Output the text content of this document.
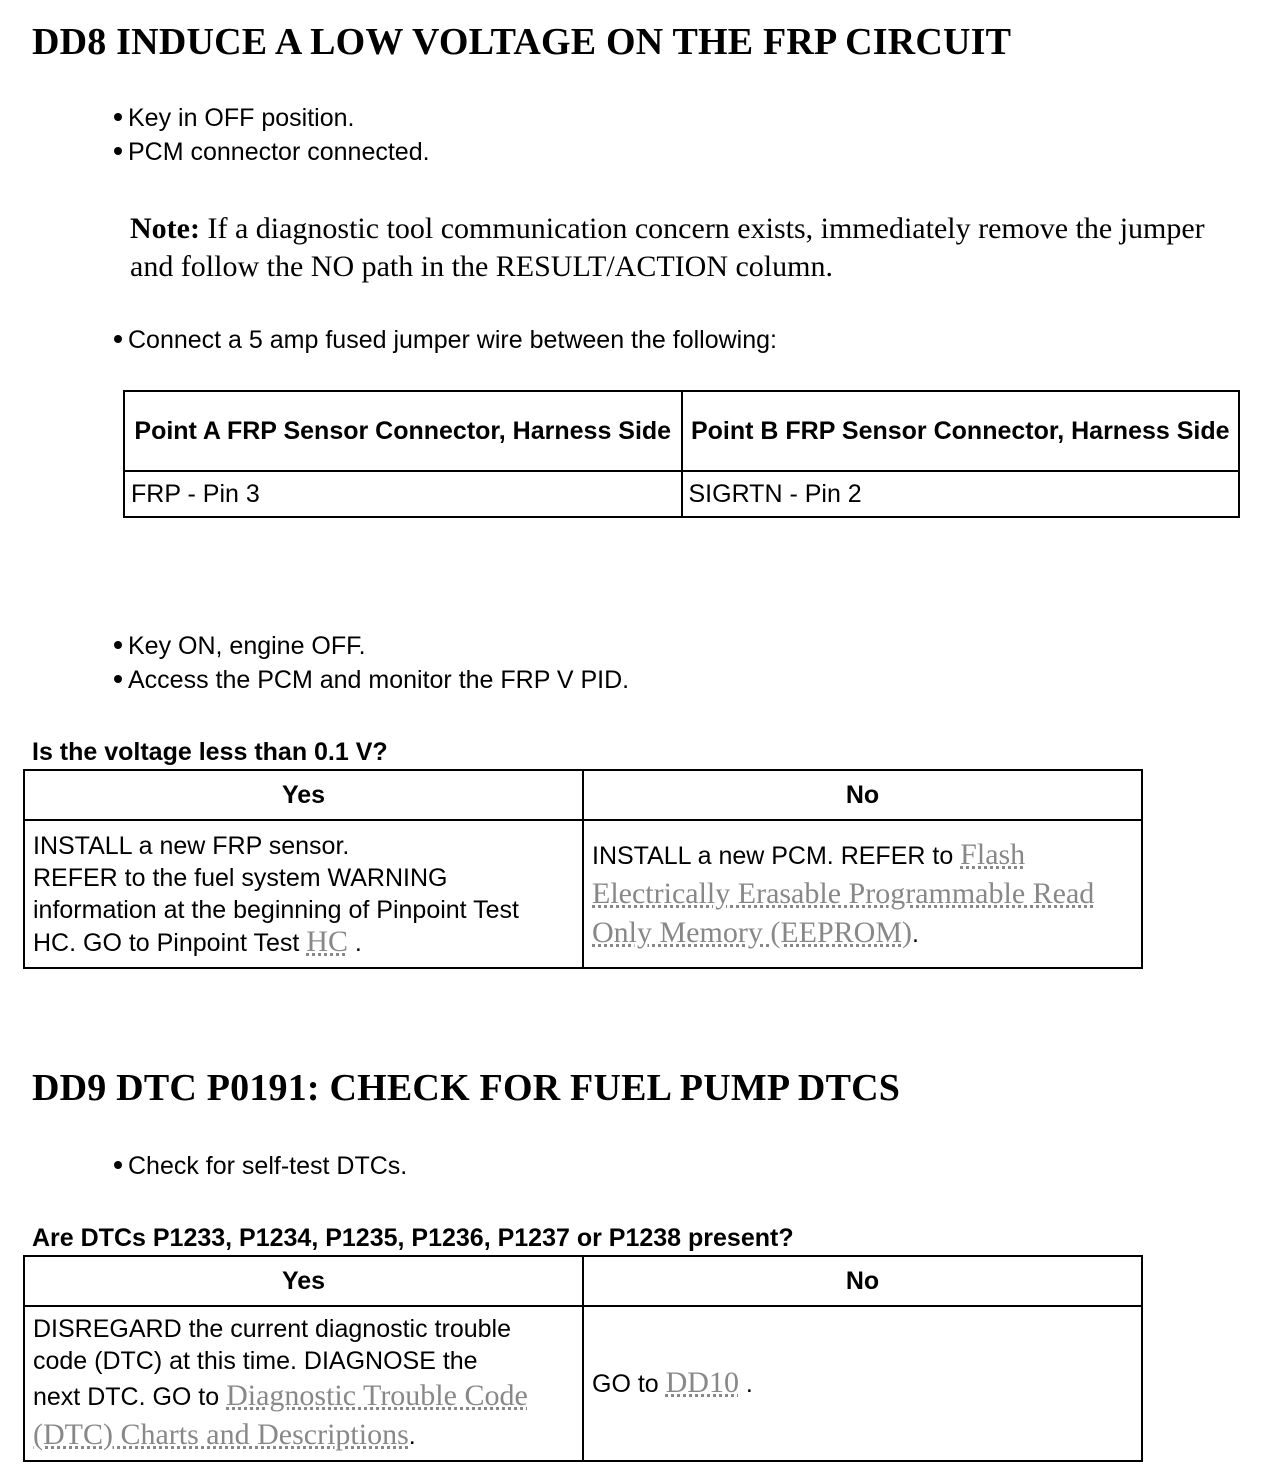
DD8 INDUCE A LOW VOLTAGE ON THE FRP CIRCUIT
Key in OFF position.
PCM connector connected.
Note: If a diagnostic tool communication concern exists, immediately remove the jumper and follow the NO path in the RESULT/ACTION column.
Connect a 5 amp fused jumper wire between the following:
Point A FRP Sensor Connector, Harness Side	Point B FRP Sensor Connector, Harness Side
FRP - Pin 3	SIGRTN - Pin 2
Key ON, engine OFF.
Access the PCM and monitor the FRP V PID.
Is the voltage less than 0.1 V?
Yes	No

INSTALL a new FRP sensor.
REFER to the fuel system WARNING
information at the beginning of Pinpoint Test
HC. GO to Pinpoint Test HC .	INSTALL a new PCM. REFER to Flash Electrically Erasable Programmable Read Only Memory (EEPROM).
DD9 DTC P0191: CHECK FOR FUEL PUMP DTCS
Check for self-test DTCs.
Are DTCs P1233, P1234, P1235, P1236, P1237 or P1238 present?
Yes	No

DISREGARD the current diagnostic trouble
code (DTC) at this time. DIAGNOSE the
next DTC. GO to Diagnostic Trouble Code (DTC) Charts and Descriptions.	GO to DD10 .
